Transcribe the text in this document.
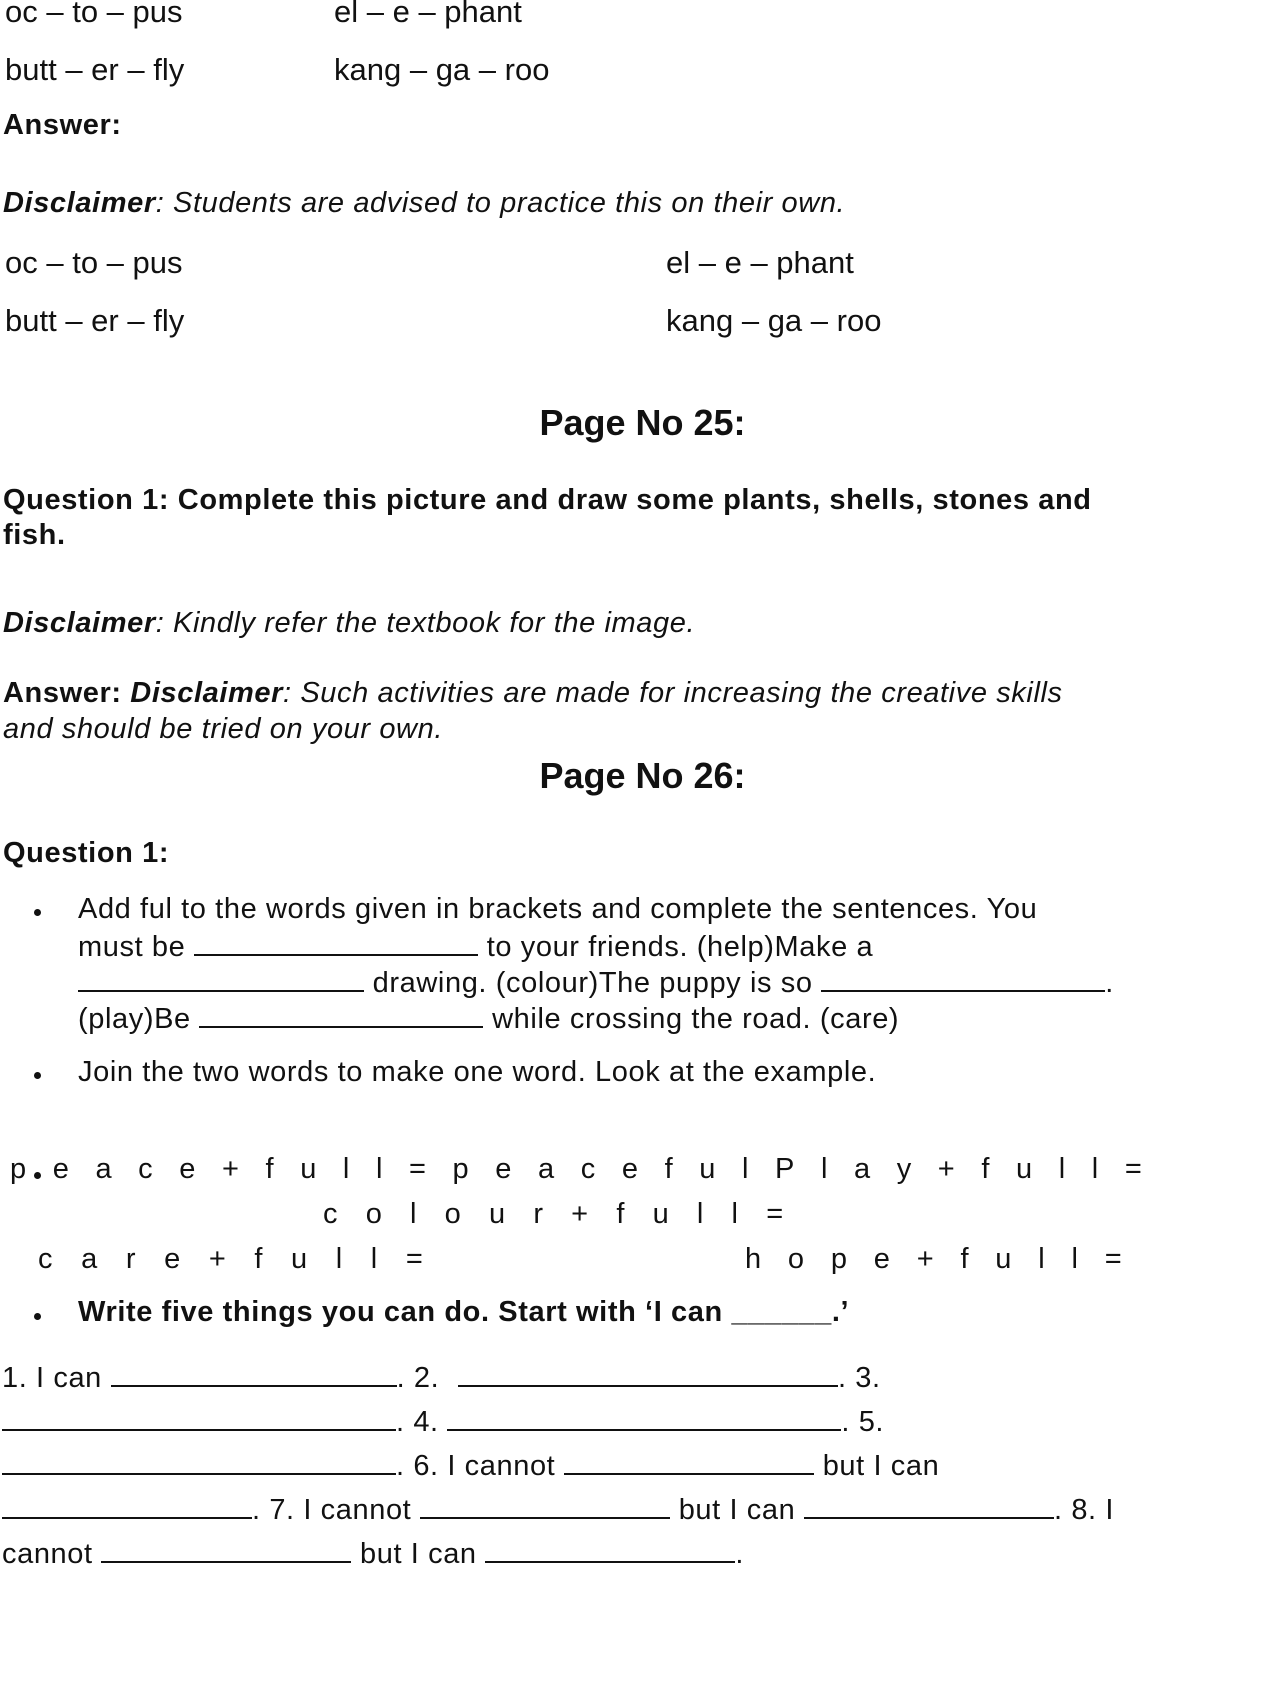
oc – to – pus	el – e – phant
butt – er – fly	kang – ga – roo
Answer:
Disclaimer: Students are advised to practice this on their own.
oc – to – pus	el – e – phant
butt – er – fly	kang – ga – roo
Page No 25:
Question 1: Complete this picture and draw some plants, shells, stones and
fish.
Disclaimer: Kindly refer the textbook for the image.
Answer: Disclaimer: Such activities are made for increasing the creative skills
and should be tried on your own.
Page No 26:
Question 1:
Add ful to the words given in brackets and complete the sentences. You
must be	to your friends. (help)Make a
drawing. (colour)The puppy is so	.
(play)Be	while crossing the road. (care)
Join the two words to make one word. Look at the example.
peace+full=peacefulPlay+full=
colour+full=
care+full=	hope+full=
Write five things you can do. Start with ‘I can ______.’
1. I can	. 2.	. 3.
. 4.	. 5.
. 6. I cannot	but I can
. 7. I cannot	but I can	. 8. I
cannot	but I can	.
